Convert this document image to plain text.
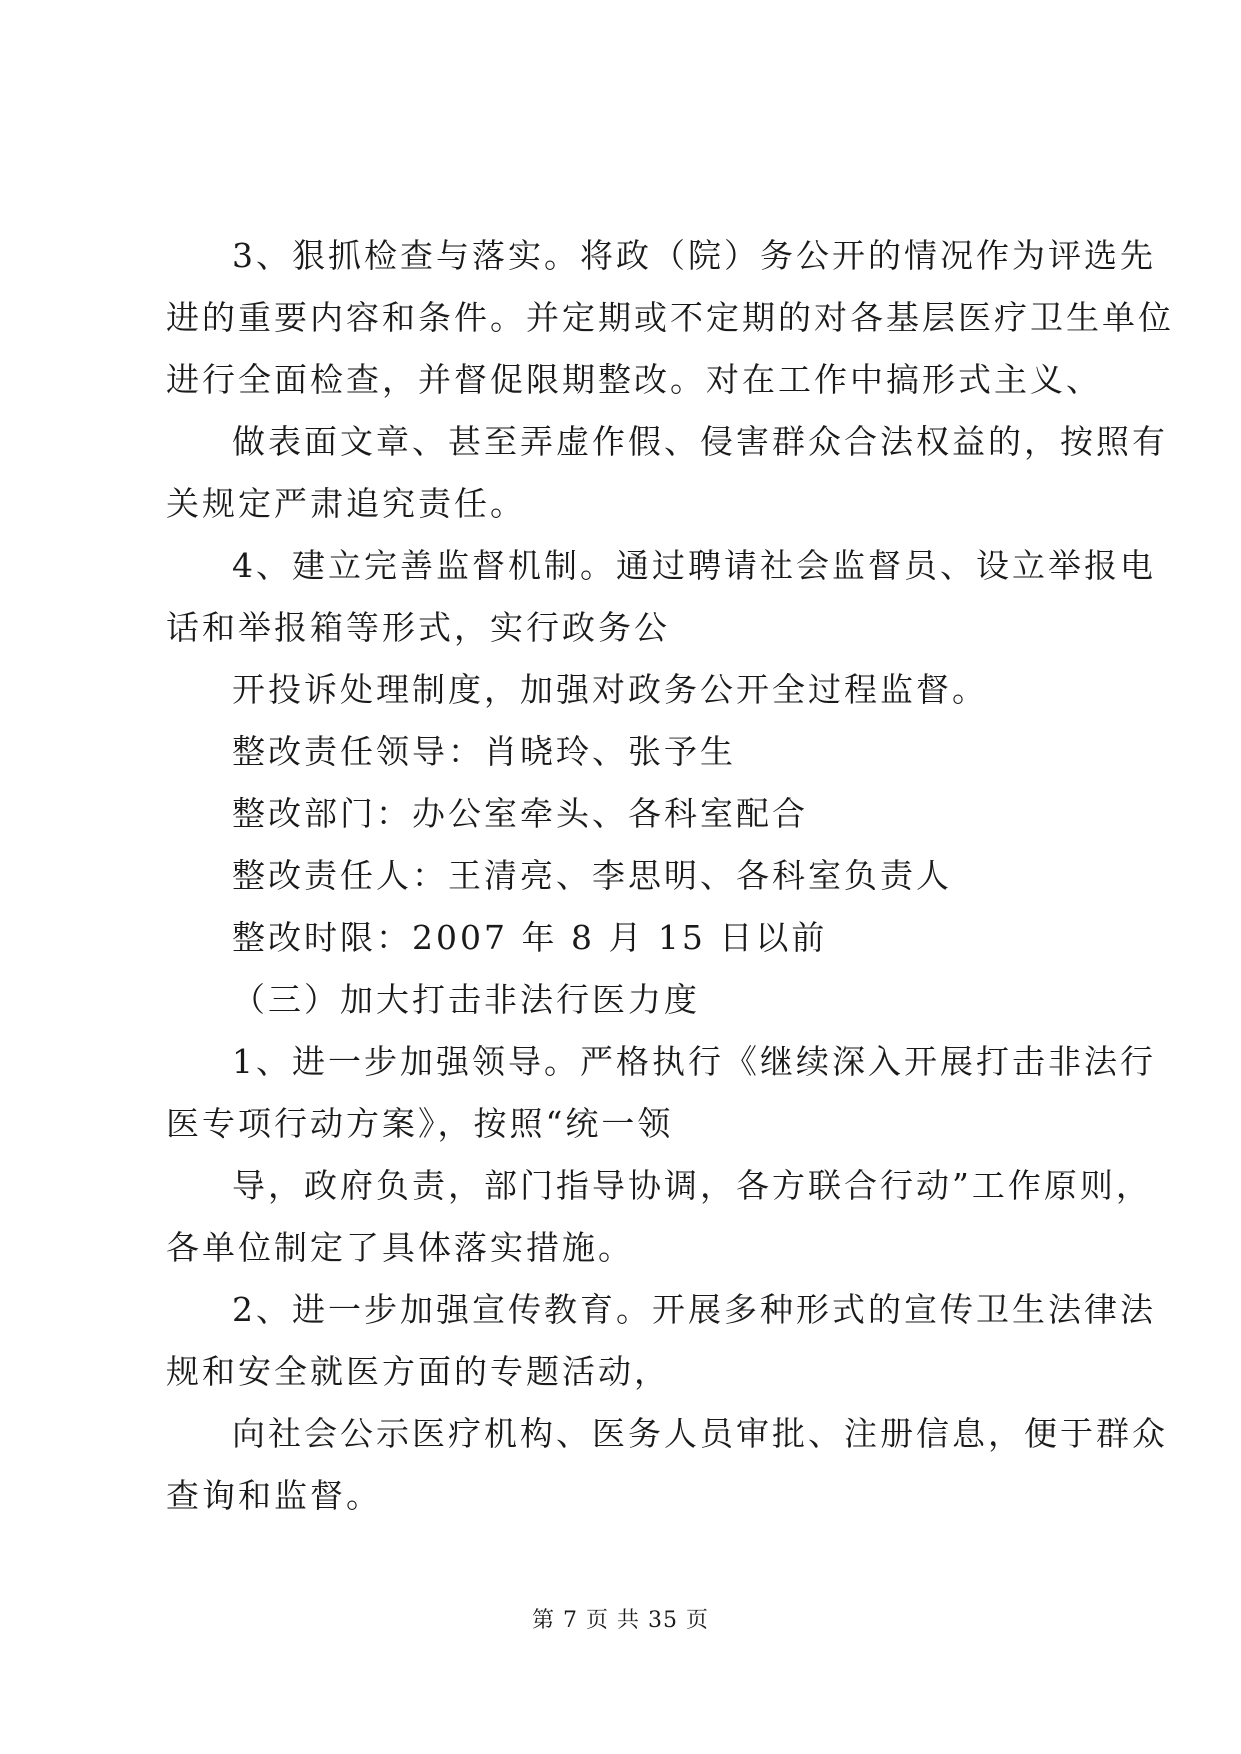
3、狠抓检查与落实。将政（院）务公开的情况作为评选先
进的重要内容和条件。并定期或不定期的对各基层医疗卫生单位
进行全面检查，并督促限期整改。对在工作中搞形式主义、
做表面文章、甚至弄虚作假、侵害群众合法权益的，按照有
关规定严肃追究责任。
4、建立完善监督机制。通过聘请社会监督员、设立举报电
话和举报箱等形式，实行政务公
开投诉处理制度，加强对政务公开全过程监督。
整改责任领导：肖晓玲、张予生
整改部门：办公室牵头、各科室配合
整改责任人：王清亮、李思明、各科室负责人
整改时限：2007 年 8 月 15 日以前
（三）加大打击非法行医力度
1、进一步加强领导。严格执行《继续深入开展打击非法行
医专项行动方案》，按照“统一领
导，政府负责，部门指导协调，各方联合行动”工作原则，
各单位制定了具体落实措施。
2、进一步加强宣传教育。开展多种形式的宣传卫生法律法
规和安全就医方面的专题活动，
向社会公示医疗机构、医务人员审批、注册信息，便于群众
查询和监督。
第 7 页 共 35 页
